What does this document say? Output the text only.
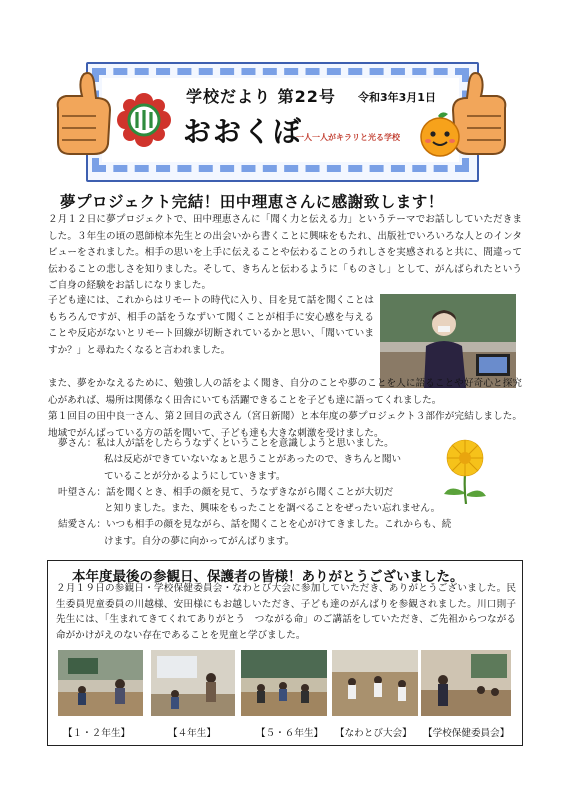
学校だより 第22号 令和3年3月1日
おおくぼ
一人一人がキラリと光る学校
夢プロジェクト完結！田中理恵さんに感謝致します！
２月１２日に夢プロジェクトで、田中理恵さんに「聞く力と伝える力」というテーマでお話ししていただきました。３年生の頃の恩師椋本先生との出会いから書くことに興味をもたれ、出版社でいろいろな人とのインタビューをされました。相手の思いを上手に伝えることや伝わることのうれしさを実感されると共に、間違って伝わることの悲しさを知りました。そして、きちんと伝わるように「ものさし」として、がんばられたというご自身の経験をお話しになりました。
子ども達には、これからはリモートの時代に入り、目を見て話を聞くことはもちろんですが、相手の話をうなずいて聞くことが相手に安心感を与えることや反応がないとリモート回線が切断されているかと思い、「聞いていますか？」と尋ねたくなると言われました。
また、夢をかなえるために、勉強し人の話をよく聞き、自分のことや夢のことを人に語ることや好奇心と探究心があれば、場所は関係なく田舎にいても活躍できることを子ども達に語ってくれました。
第１回目の田中良一さん、第２回目の武さん（宮日新聞）と本年度の夢プロジェクト３部作が完結しました。地域でがんばっている方の話を聞いて、子ども達も大きな刺激を受けました。
夢さん： 私は人が話をしたらうなずくということを意識しようと思いました。
私は反応ができていないなぁと思うことがあったので、きちんと聞い
ていることが分かるようにしていきます。
叶望さん： 話を聞くとき、相手の顔を見て、うなずきながら聞くことが大切だ
と知りました。また、興味をもったことを調べることをぜったい忘れません。
結愛さん： いつも相手の顔を見ながら、話を聞くことを心がけてきました。これからも、続
けます。自分の夢に向かってがんばります。
本年度最後の参観日、保護者の皆様！ありがとうございました。
２月１９日の参観日・学校保健委員会・なわとび大会に参加していただき、ありがとうございました。民生委員児童委員の川越様、安田様にもお越しいただき、子ども達のがんばりを参観されました。川口則子先生には、「生まれてきてくれてありがとう　つながる命」のご講話をしていただき、ご先祖からつながる命がかけがえのない存在であることを児童と学びました。
【１・２年生】	【４年生】	【５・６年生】 【なわとび大会】 【学校保健委員会】
